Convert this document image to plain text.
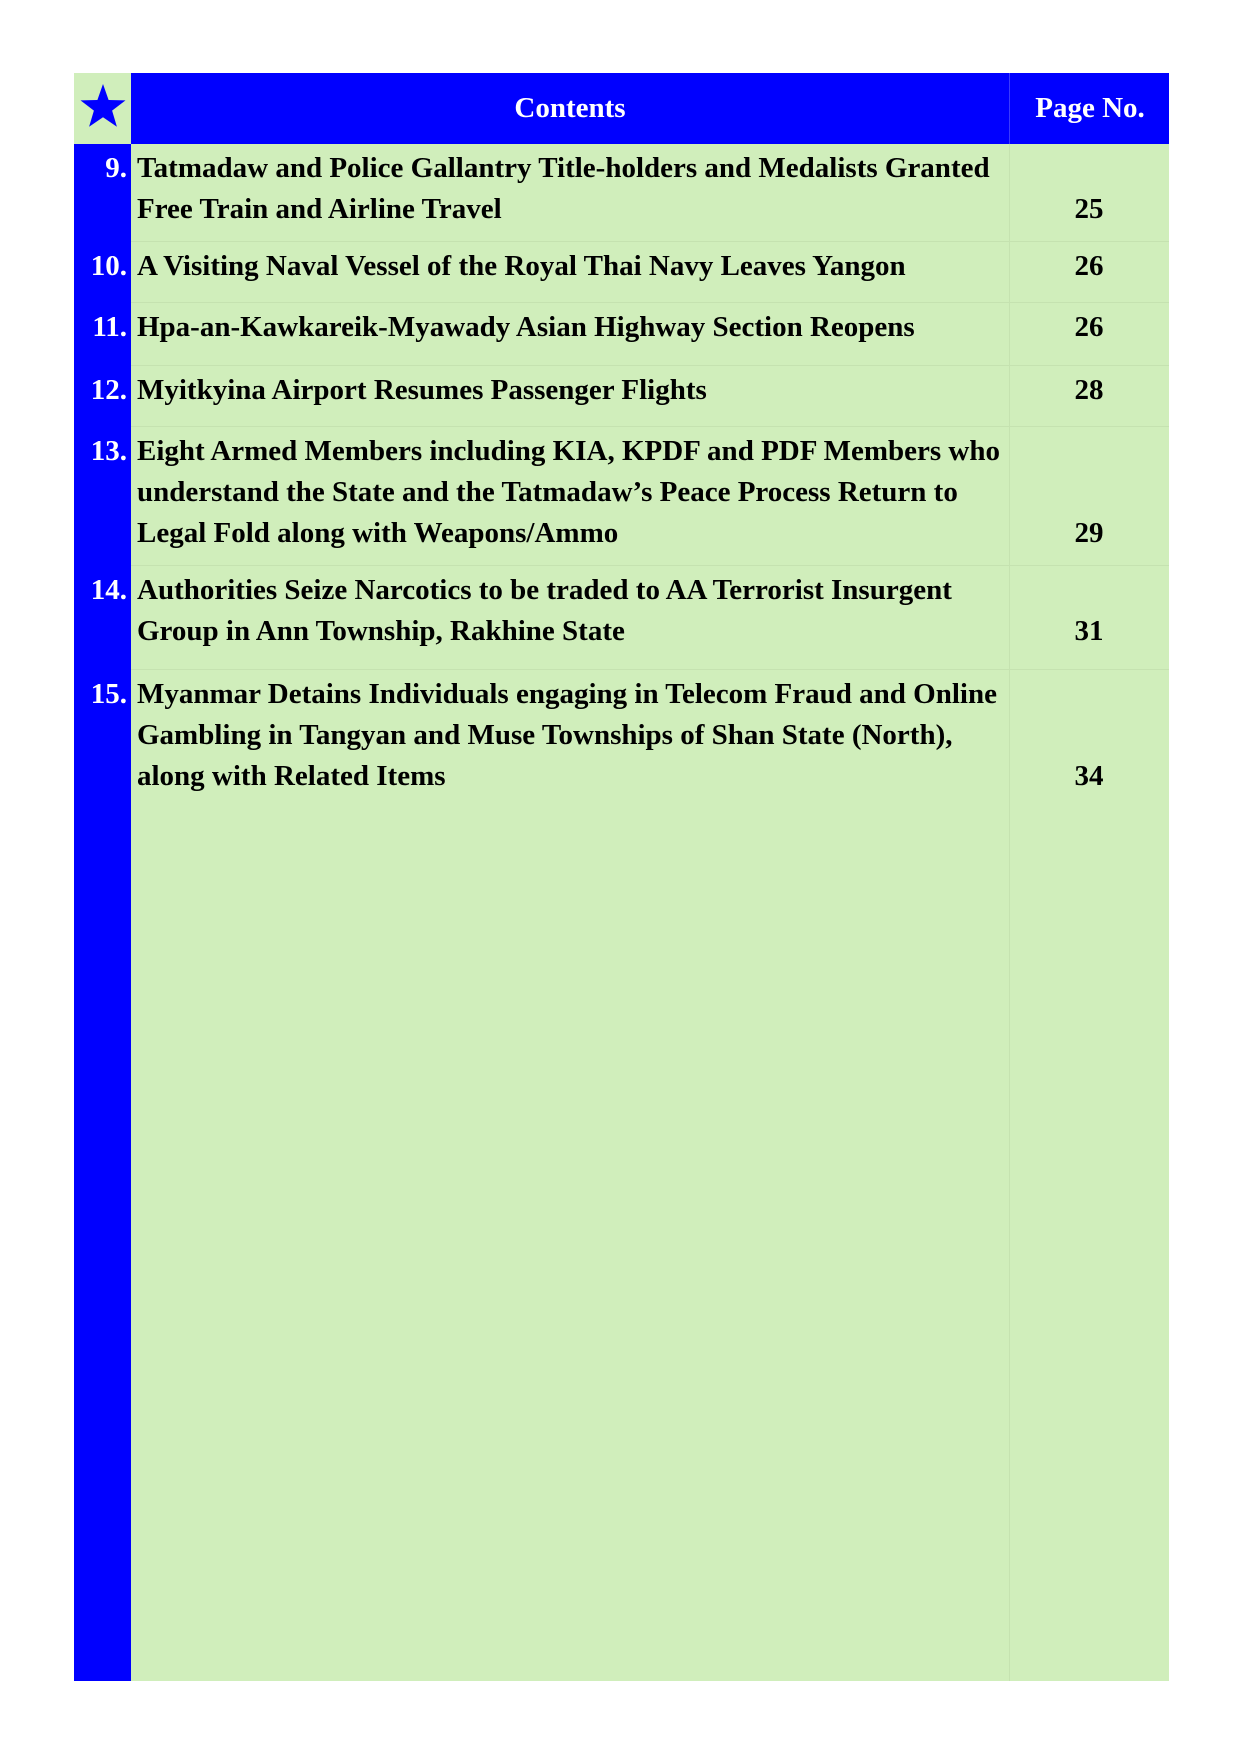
Contents	Page No.
9. Tatmadaw and Police Gallantry Title-holders and Medalists Granted Free Train and Airline Travel	25
10. A Visiting Naval Vessel of the Royal Thai Navy Leaves Yangon	26
11. Hpa-an-Kawkareik-Myawady Asian Highway Section Reopens	26
12. Myitkyina Airport Resumes Passenger Flights	28
13. Eight Armed Members including KIA, KPDF and PDF Members who understand the State and the Tatmadaw’s Peace Process Return to Legal Fold along with Weapons/Ammo	29
14. Authorities Seize Narcotics to be traded to AA Terrorist Insurgent Group in Ann Township, Rakhine State	31
15. Myanmar Detains Individuals engaging in Telecom Fraud and Online Gambling in Tangyan and Muse Townships of Shan State (North), along with Related Items	34
